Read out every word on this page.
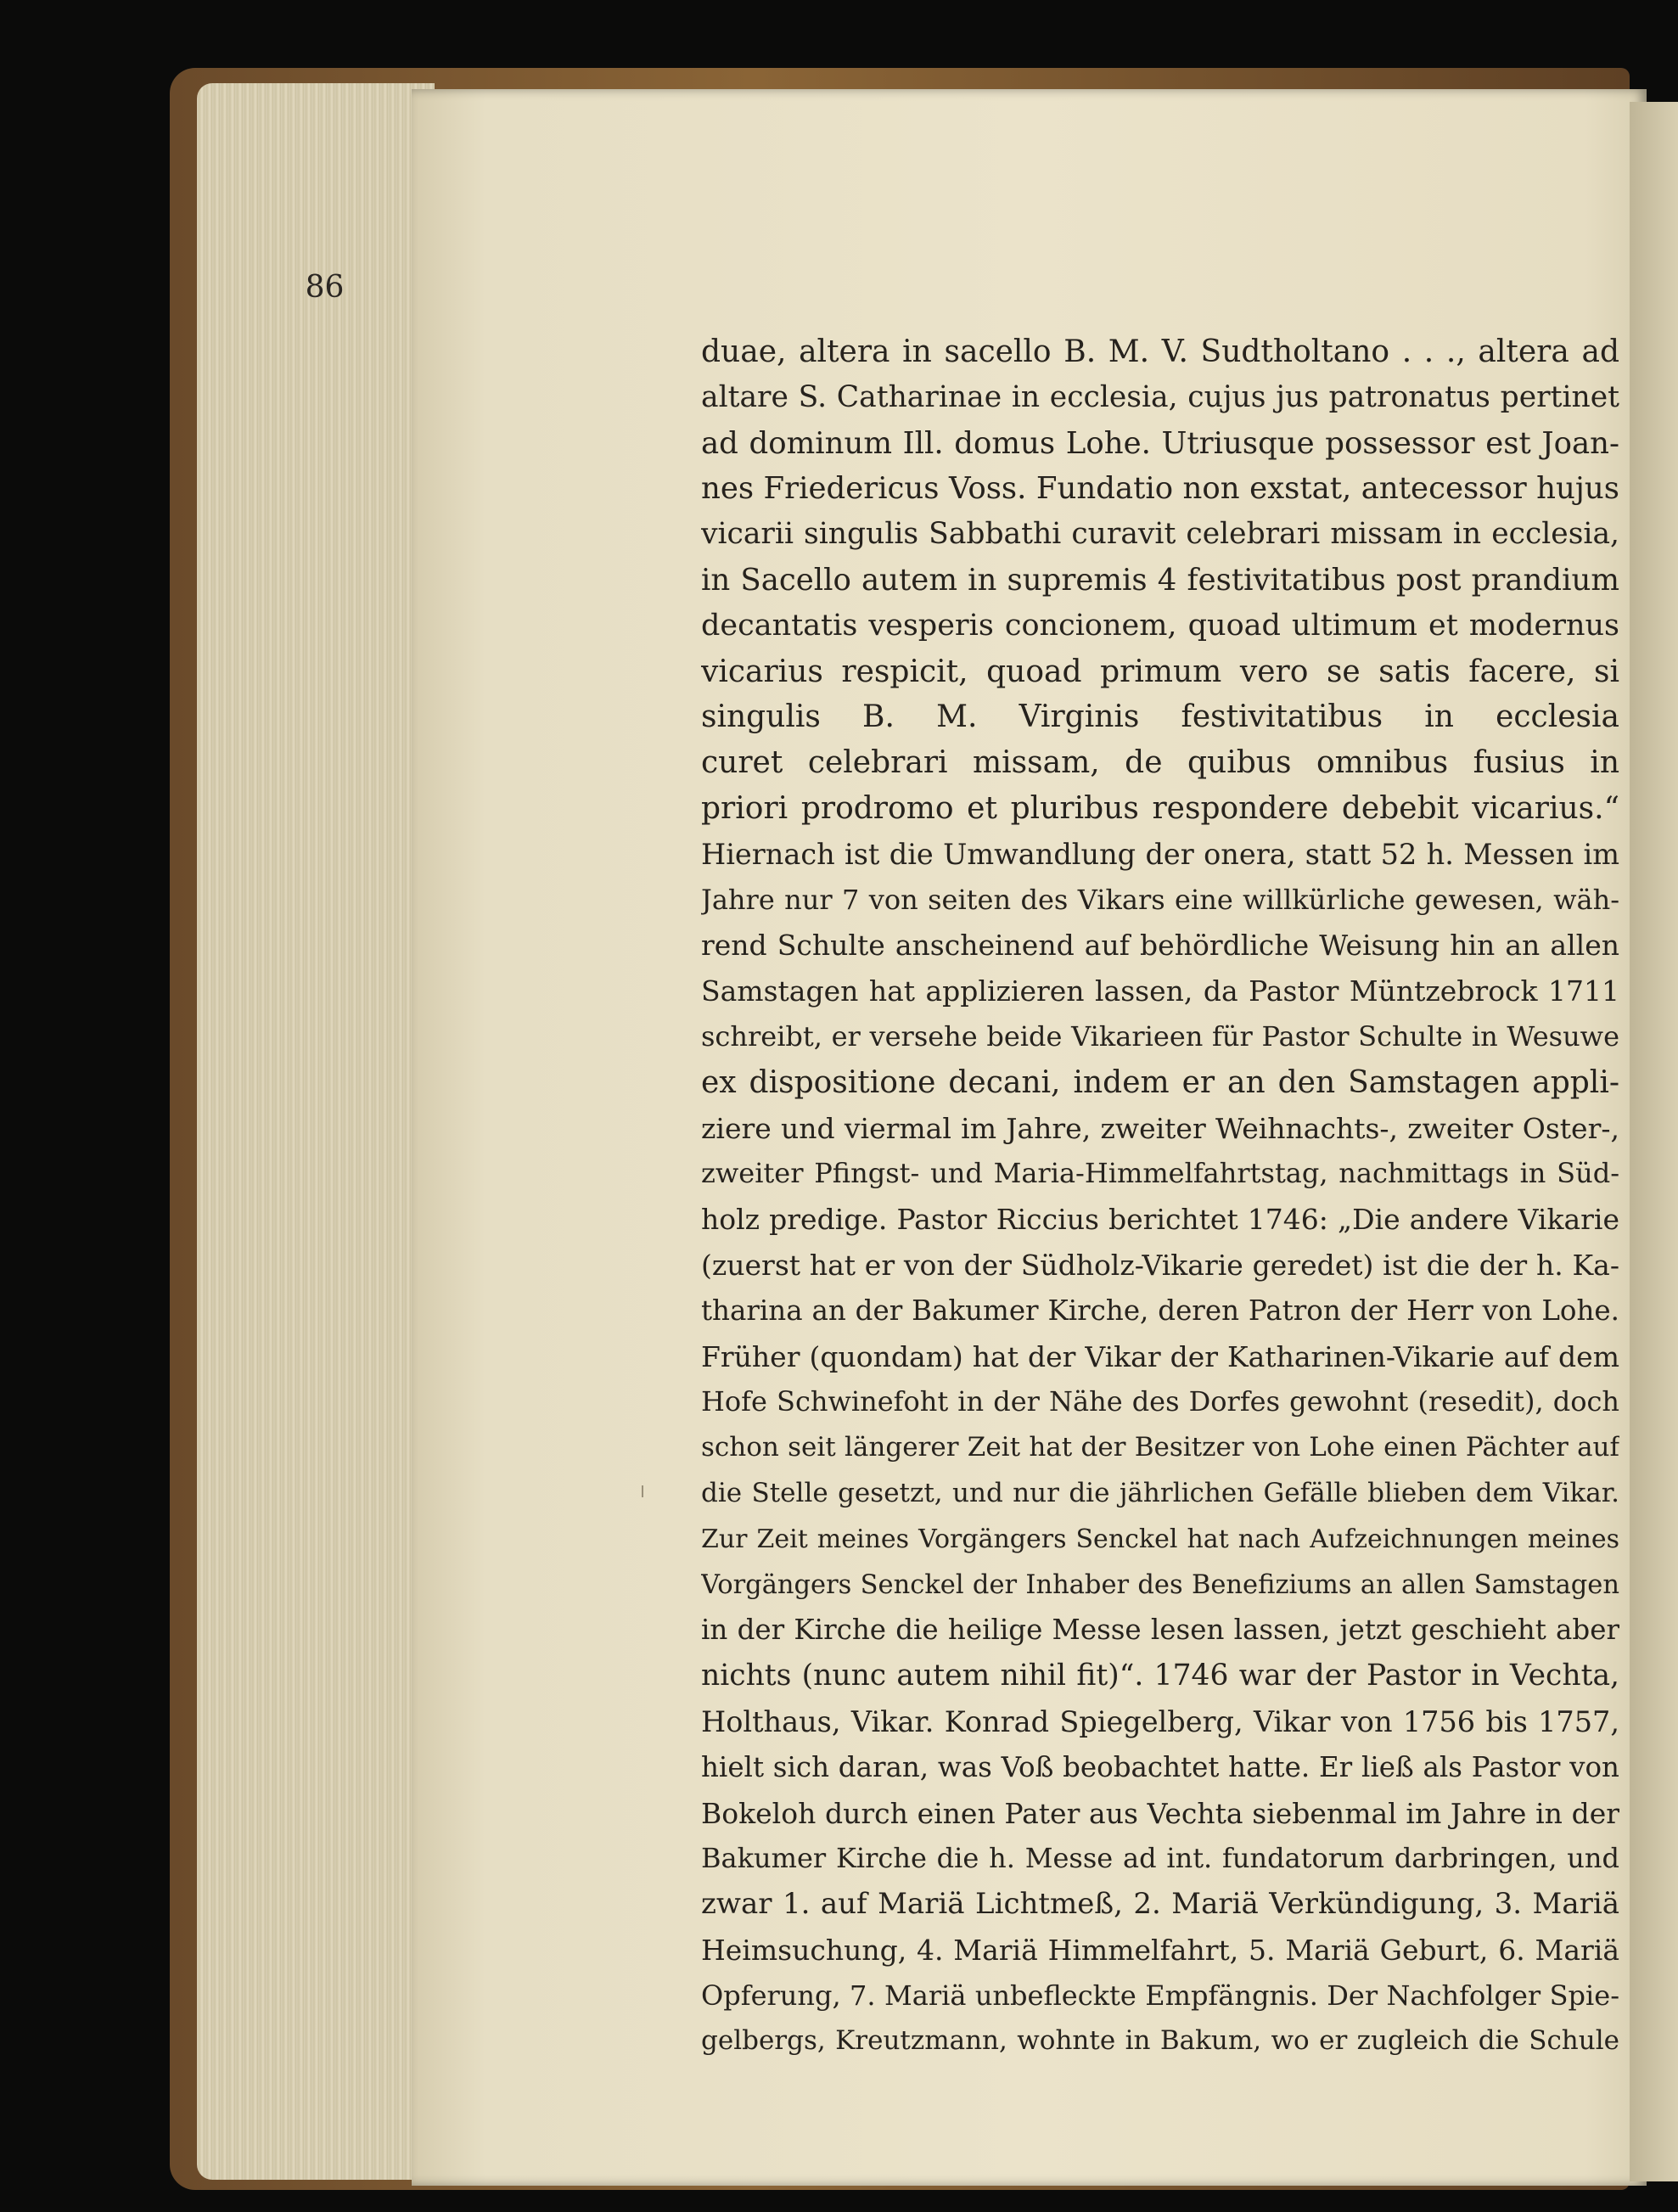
86
duae, altera in sacello B. M. V. Sudtholtano . . ., altera ad
altare S. Catharinae in ecclesia, cujus jus patronatus pertinet
ad dominum Ill. domus Lohe. Utriusque possessor est Joan-
nes Friedericus Voss. Fundatio non exstat, antecessor hujus
vicarii singulis Sabbathi curavit celebrari missam in ecclesia,
in Sacello autem in supremis 4 festivitatibus post prandium
decantatis vesperis concionem, quoad ultimum et modernus
vicarius respicit, quoad primum vero se satis facere, si
singulis B. M. Virginis festivitatibus in ecclesia
curet celebrari missam, de quibus omnibus fusius in
priori prodromo et pluribus respondere debebit vicarius.“
Hiernach ist die Umwandlung der onera, statt 52 h. Messen im
Jahre nur 7 von seiten des Vikars eine willkürliche gewesen, wäh-
rend Schulte anscheinend auf behördliche Weisung hin an allen
Samstagen hat applizieren lassen, da Pastor Müntzebrock 1711
schreibt, er versehe beide Vikarieen für Pastor Schulte in Wesuwe
ex dispositione decani, indem er an den Samstagen appli-
ziere und viermal im Jahre, zweiter Weihnachts-, zweiter Oster-,
zweiter Pfingst- und Maria-Himmelfahrtstag, nachmittags in Süd-
holz predige. Pastor Riccius berichtet 1746: „Die andere Vikarie
(zuerst hat er von der Südholz-Vikarie geredet) ist die der h. Ka-
tharina an der Bakumer Kirche, deren Patron der Herr von Lohe.
Früher (quondam) hat der Vikar der Katharinen-Vikarie auf dem
Hofe Schwinefoht in der Nähe des Dorfes gewohnt (resedit), doch
schon seit längerer Zeit hat der Besitzer von Lohe einen Pächter auf
die Stelle gesetzt, und nur die jährlichen Gefälle blieben dem Vikar.
Zur Zeit meines Vorgängers Senckel hat nach Aufzeichnungen meines
Vorgängers Senckel der Inhaber des Benefiziums an allen Samstagen
in der Kirche die heilige Messe lesen lassen, jetzt geschieht aber
nichts (nunc autem nihil fit)“. 1746 war der Pastor in Vechta,
Holthaus, Vikar. Konrad Spiegelberg, Vikar von 1756 bis 1757,
hielt sich daran, was Voß beobachtet hatte. Er ließ als Pastor von
Bokeloh durch einen Pater aus Vechta siebenmal im Jahre in der
Bakumer Kirche die h. Messe ad int. fundatorum darbringen, und
zwar 1. auf Mariä Lichtmeß, 2. Mariä Verkündigung, 3. Mariä
Heimsuchung, 4. Mariä Himmelfahrt, 5. Mariä Geburt, 6. Mariä
Opferung, 7. Mariä unbefleckte Empfängnis. Der Nachfolger Spie-
gelbergs, Kreutzmann, wohnte in Bakum, wo er zugleich die Schule
